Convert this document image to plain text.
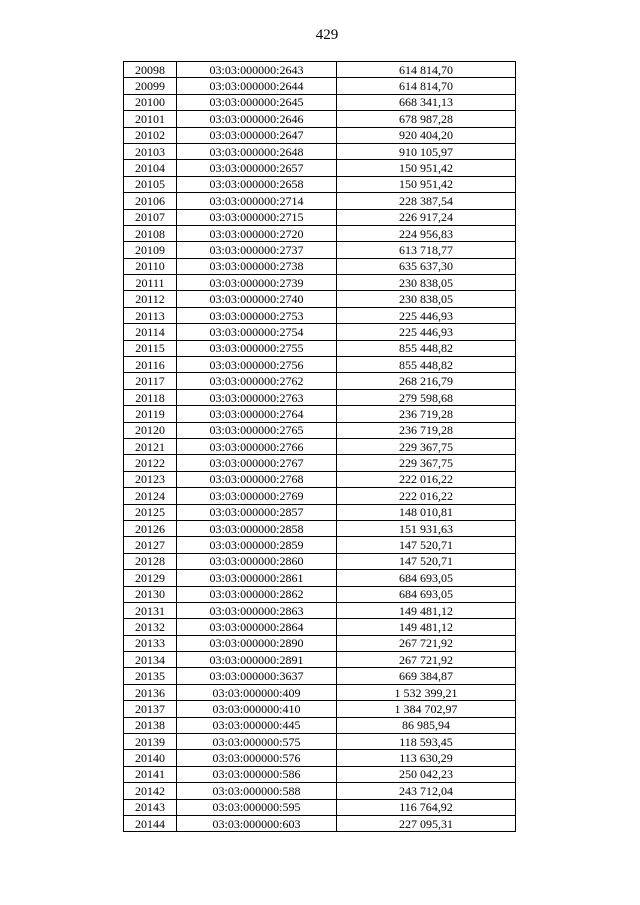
429
20098	03:03:000000:2643	614 814,70
20099	03:03:000000:2644	614 814,70
20100	03:03:000000:2645	668 341,13
20101	03:03:000000:2646	678 987,28
20102	03:03:000000:2647	920 404,20
20103	03:03:000000:2648	910 105,97
20104	03:03:000000:2657	150 951,42
20105	03:03:000000:2658	150 951,42
20106	03:03:000000:2714	228 387,54
20107	03:03:000000:2715	226 917,24
20108	03:03:000000:2720	224 956,83
20109	03:03:000000:2737	613 718,77
20110	03:03:000000:2738	635 637,30
20111	03:03:000000:2739	230 838,05
20112	03:03:000000:2740	230 838,05
20113	03:03:000000:2753	225 446,93
20114	03:03:000000:2754	225 446,93
20115	03:03:000000:2755	855 448,82
20116	03:03:000000:2756	855 448,82
20117	03:03:000000:2762	268 216,79
20118	03:03:000000:2763	279 598,68
20119	03:03:000000:2764	236 719,28
20120	03:03:000000:2765	236 719,28
20121	03:03:000000:2766	229 367,75
20122	03:03:000000:2767	229 367,75
20123	03:03:000000:2768	222 016,22
20124	03:03:000000:2769	222 016,22
20125	03:03:000000:2857	148 010,81
20126	03:03:000000:2858	151 931,63
20127	03:03:000000:2859	147 520,71
20128	03:03:000000:2860	147 520,71
20129	03:03:000000:2861	684 693,05
20130	03:03:000000:2862	684 693,05
20131	03:03:000000:2863	149 481,12
20132	03:03:000000:2864	149 481,12
20133	03:03:000000:2890	267 721,92
20134	03:03:000000:2891	267 721,92
20135	03:03:000000:3637	669 384,87
20136	03:03:000000:409	1 532 399,21
20137	03:03:000000:410	1 384 702,97
20138	03:03:000000:445	86 985,94
20139	03:03:000000:575	118 593,45
20140	03:03:000000:576	113 630,29
20141	03:03:000000:586	250 042,23
20142	03:03:000000:588	243 712,04
20143	03:03:000000:595	116 764,92
20144	03:03:000000:603	227 095,31
